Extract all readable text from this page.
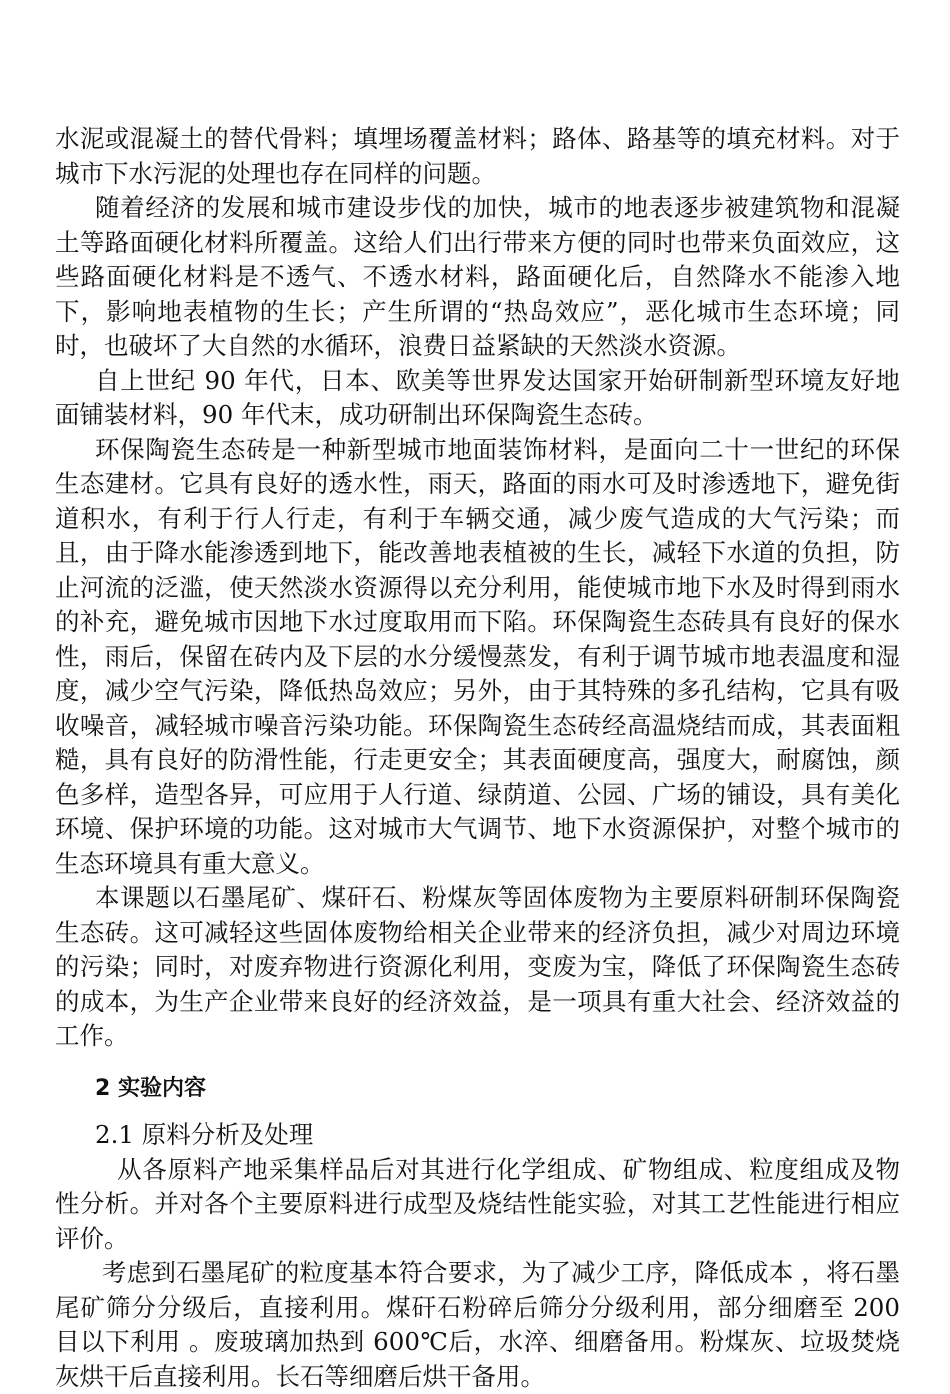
水泥或混凝土的替代骨料；填埋场覆盖材料；路体、路基等的填充材料。对于城市下水污泥的处理也存在同样的问题。

随着经济的发展和城市建设步伐的加快，城市的地表逐步被建筑物和混凝土等路面硬化材料所覆盖。这给人们出行带来方便的同时也带来负面效应，这些路面硬化材料是不透气、不透水材料，路面硬化后，自然降水不能渗入地下，影响地表植物的生长；产生所谓的“热岛效应”，恶化城市生态环境；同时，也破坏了大自然的水循环，浪费日益紧缺的天然淡水资源。

自上世纪 90 年代，日本、欧美等世界发达国家开始研制新型环境友好地面铺装材料，90 年代末，成功研制出环保陶瓷生态砖。

环保陶瓷生态砖是一种新型城市地面装饰材料，是面向二十一世纪的环保生态建材。它具有良好的透水性，雨天，路面的雨水可及时渗透地下，避免街道积水，有利于行人行走，有利于车辆交通，减少废气造成的大气污染；而且，由于降水能渗透到地下，能改善地表植被的生长，减轻下水道的负担，防止河流的泛滥，使天然淡水资源得以充分利用，能使城市地下水及时得到雨水的补充，避免城市因地下水过度取用而下陷。环保陶瓷生态砖具有良好的保水性，雨后，保留在砖内及下层的水分缓慢蒸发，有利于调节城市地表温度和湿度，减少空气污染，降低热岛效应；另外，由于其特殊的多孔结构，它具有吸收噪音，减轻城市噪音污染功能。环保陶瓷生态砖经高温烧结而成，其表面粗糙，具有良好的防滑性能，行走更安全；其表面硬度高，强度大，耐腐蚀，颜色多样，造型各异，可应用于人行道、绿荫道、公园、广场的铺设，具有美化环境、保护环境的功能。这对城市大气调节、地下水资源保护，对整个城市的生态环境具有重大意义。

本课题以石墨尾矿、煤矸石、粉煤灰等固体废物为主要原料研制环保陶瓷生态砖。这可减轻这些固体废物给相关企业带来的经济负担，减少对周边环境的污染；同时，对废弃物进行资源化利用，变废为宝，降低了环保陶瓷生态砖的成本，为生产企业带来良好的经济效益，是一项具有重大社会、经济效益的工作。

2 实验内容
2.1 原料分析及处理

从各原料产地采集样品后对其进行化学组成、矿物组成、粒度组成及物性分析。并对各个主要原料进行成型及烧结性能实验，对其工艺性能进行相应评价。

考虑到石墨尾矿的粒度基本符合要求，为了减少工序，降低成本 ，将石墨尾矿筛分分级后，直接利用。煤矸石粉碎后筛分分级利用，部分细磨至 200 目以下利用 。废玻璃加热到 600℃后，水淬、细磨备用。粉煤灰、垃圾焚烧灰烘干后直接利用。长石等细磨后烘干备用。
